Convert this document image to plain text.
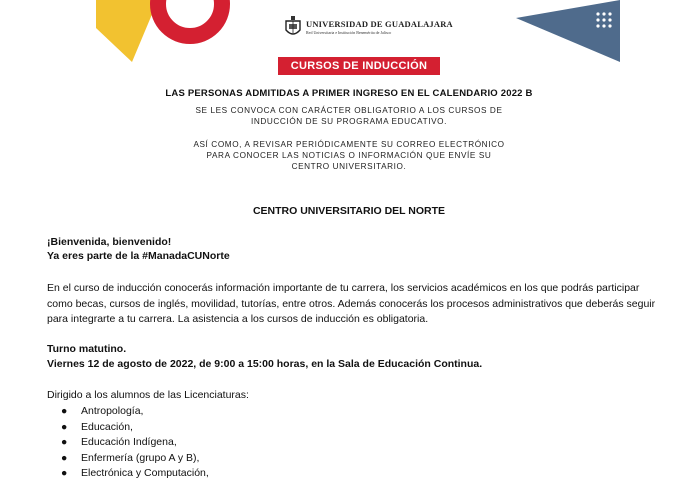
UNIVERSIDAD DE GUADALAJARA
Red Universitaria e Institución Benemérita de Jalisco
CURSOS DE INDUCCIÓN
LAS PERSONAS ADMITIDAS A PRIMER INGRESO EN EL CALENDARIO 2022 B
SE LES CONVOCA CON CARÁCTER OBLIGATORIO A LOS CURSOS DE
INDUCCIÓN DE SU PROGRAMA EDUCATIVO.
ASÍ COMO, A REVISAR PERIÓDICAMENTE SU CORREO ELECTRÓNICO
PARA CONOCER LAS NOTICIAS O INFORMACIÓN QUE ENVÍE SU
CENTRO UNIVERSITARIO.
CENTRO UNIVERSITARIO DEL NORTE
¡Bienvenida, bienvenido!
Ya eres parte de la #ManadaCUNorte
En el curso de inducción conocerás información importante de tu carrera, los servicios académicos en los que podrás participar
como becas, cursos de inglés, movilidad, tutorías, entre otros. Además conocerás los procesos administrativos que deberás seguir
para integrarte a tu carrera. La asistencia a los cursos de inducción es obligatoria.
Turno matutino.
Viernes 12 de agosto de 2022, de 9:00 a 15:00 horas, en la Sala de Educación Continua.
Dirigido a los alumnos de las Licenciaturas:
●	Antropología,
●	Educación,
●	Educación Indígena,
●	Enfermería (grupo A y B),
●	Electrónica y Computación,
